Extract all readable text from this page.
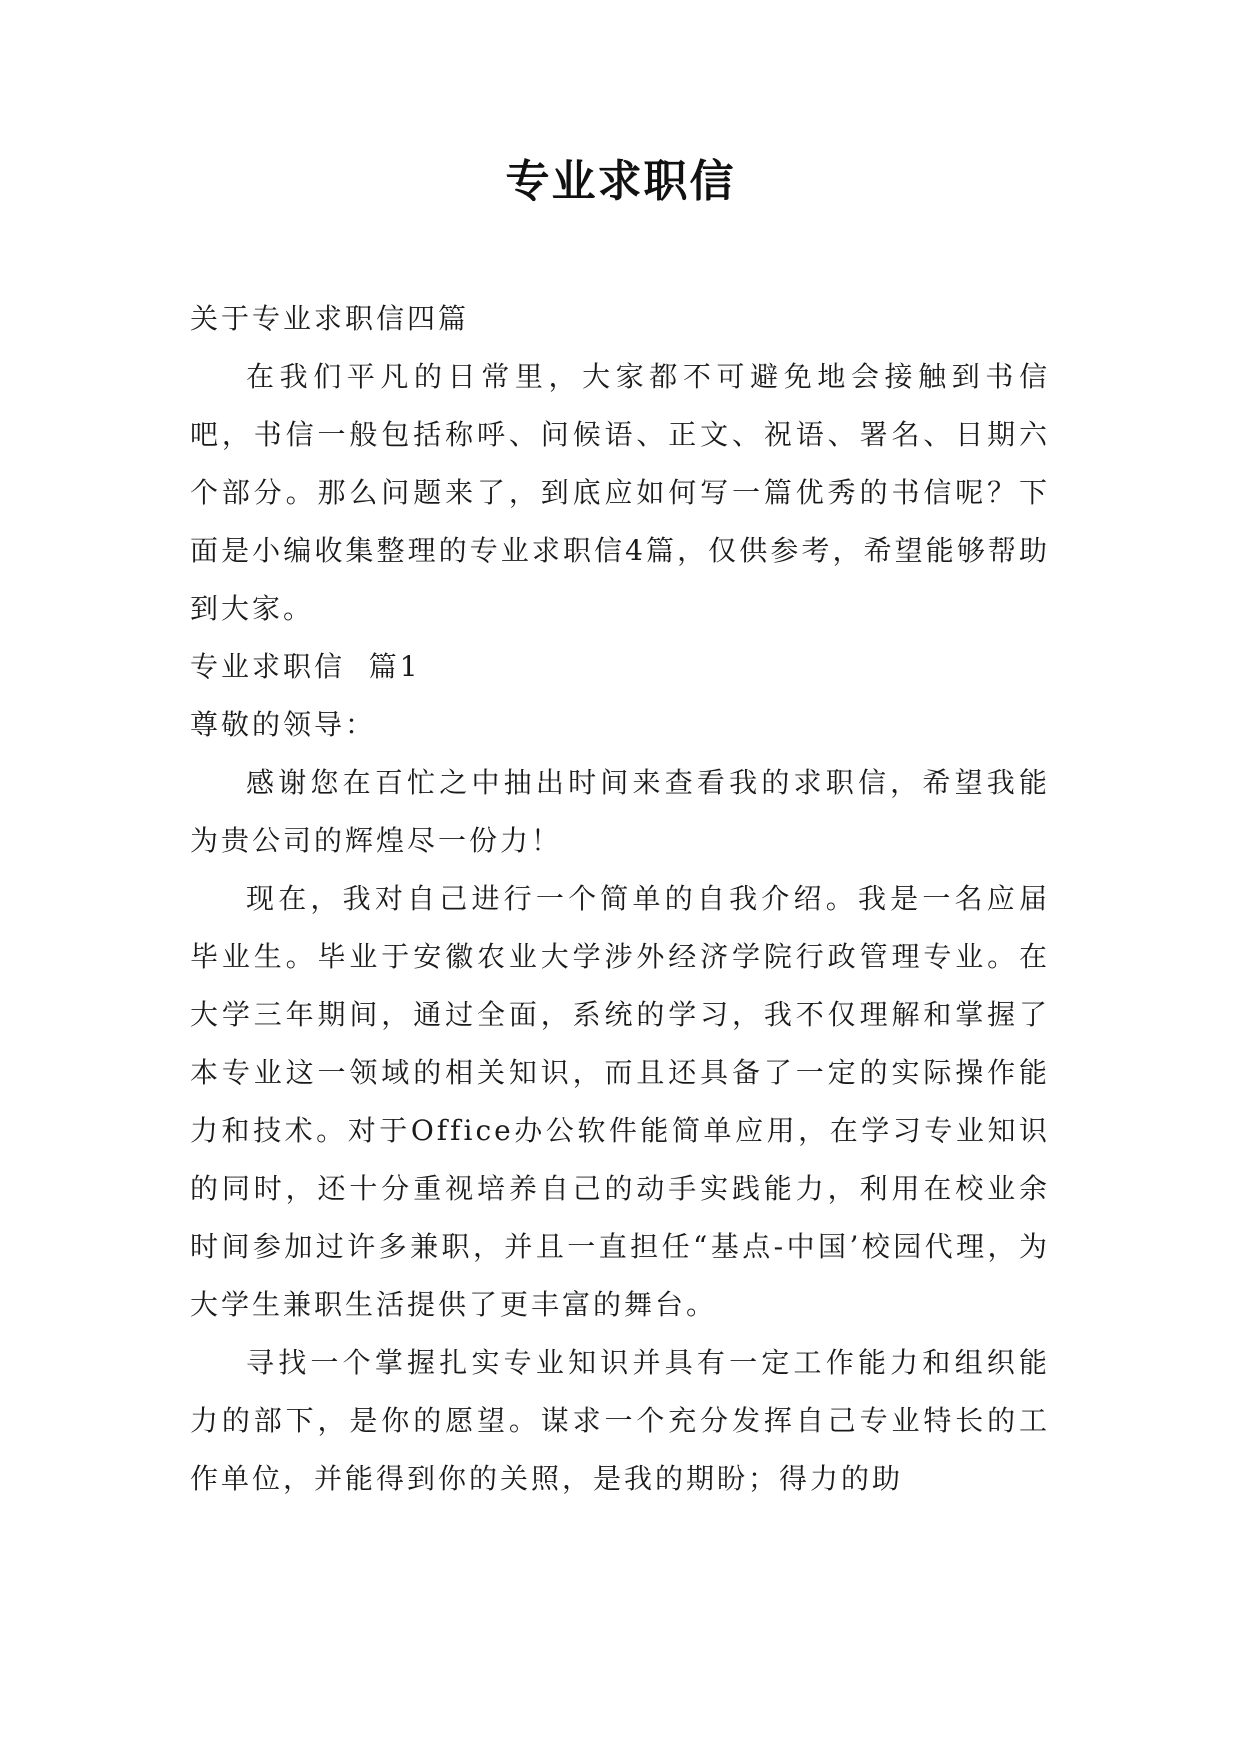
专业求职信

关于专业求职信四篇

在我们平凡的日常里，大家都不可避免地会接触到书信吧，书信一般包括称呼、问候语、正文、祝语、署名、日期六个部分。那么问题来了，到底应如何写一篇优秀的书信呢？下面是小编收集整理的专业求职信4篇，仅供参考，希望能够帮助到大家。

专业求职信  篇1

尊敬的领导：

感谢您在百忙之中抽出时间来查看我的求职信，希望我能为贵公司的辉煌尽一份力！

现在，我对自己进行一个简单的自我介绍。我是一名应届毕业生。毕业于安徽农业大学涉外经济学院行政管理专业。在大学三年期间，通过全面，系统的学习，我不仅理解和掌握了本专业这一领域的相关知识，而且还具备了一定的实际操作能力和技术。对于Office办公软件能简单应用，在学习专业知识的同时，还十分重视培养自己的动手实践能力，利用在校业余时间参加过许多兼职，并且一直担任“基点-中国’校园代理，为大学生兼职生活提供了更丰富的舞台。

寻找一个掌握扎实专业知识并具有一定工作能力和组织能力的部下，是你的愿望。谋求一个充分发挥自己专业特长的工作单位，并能得到你的关照，是我的期盼；得力的助
